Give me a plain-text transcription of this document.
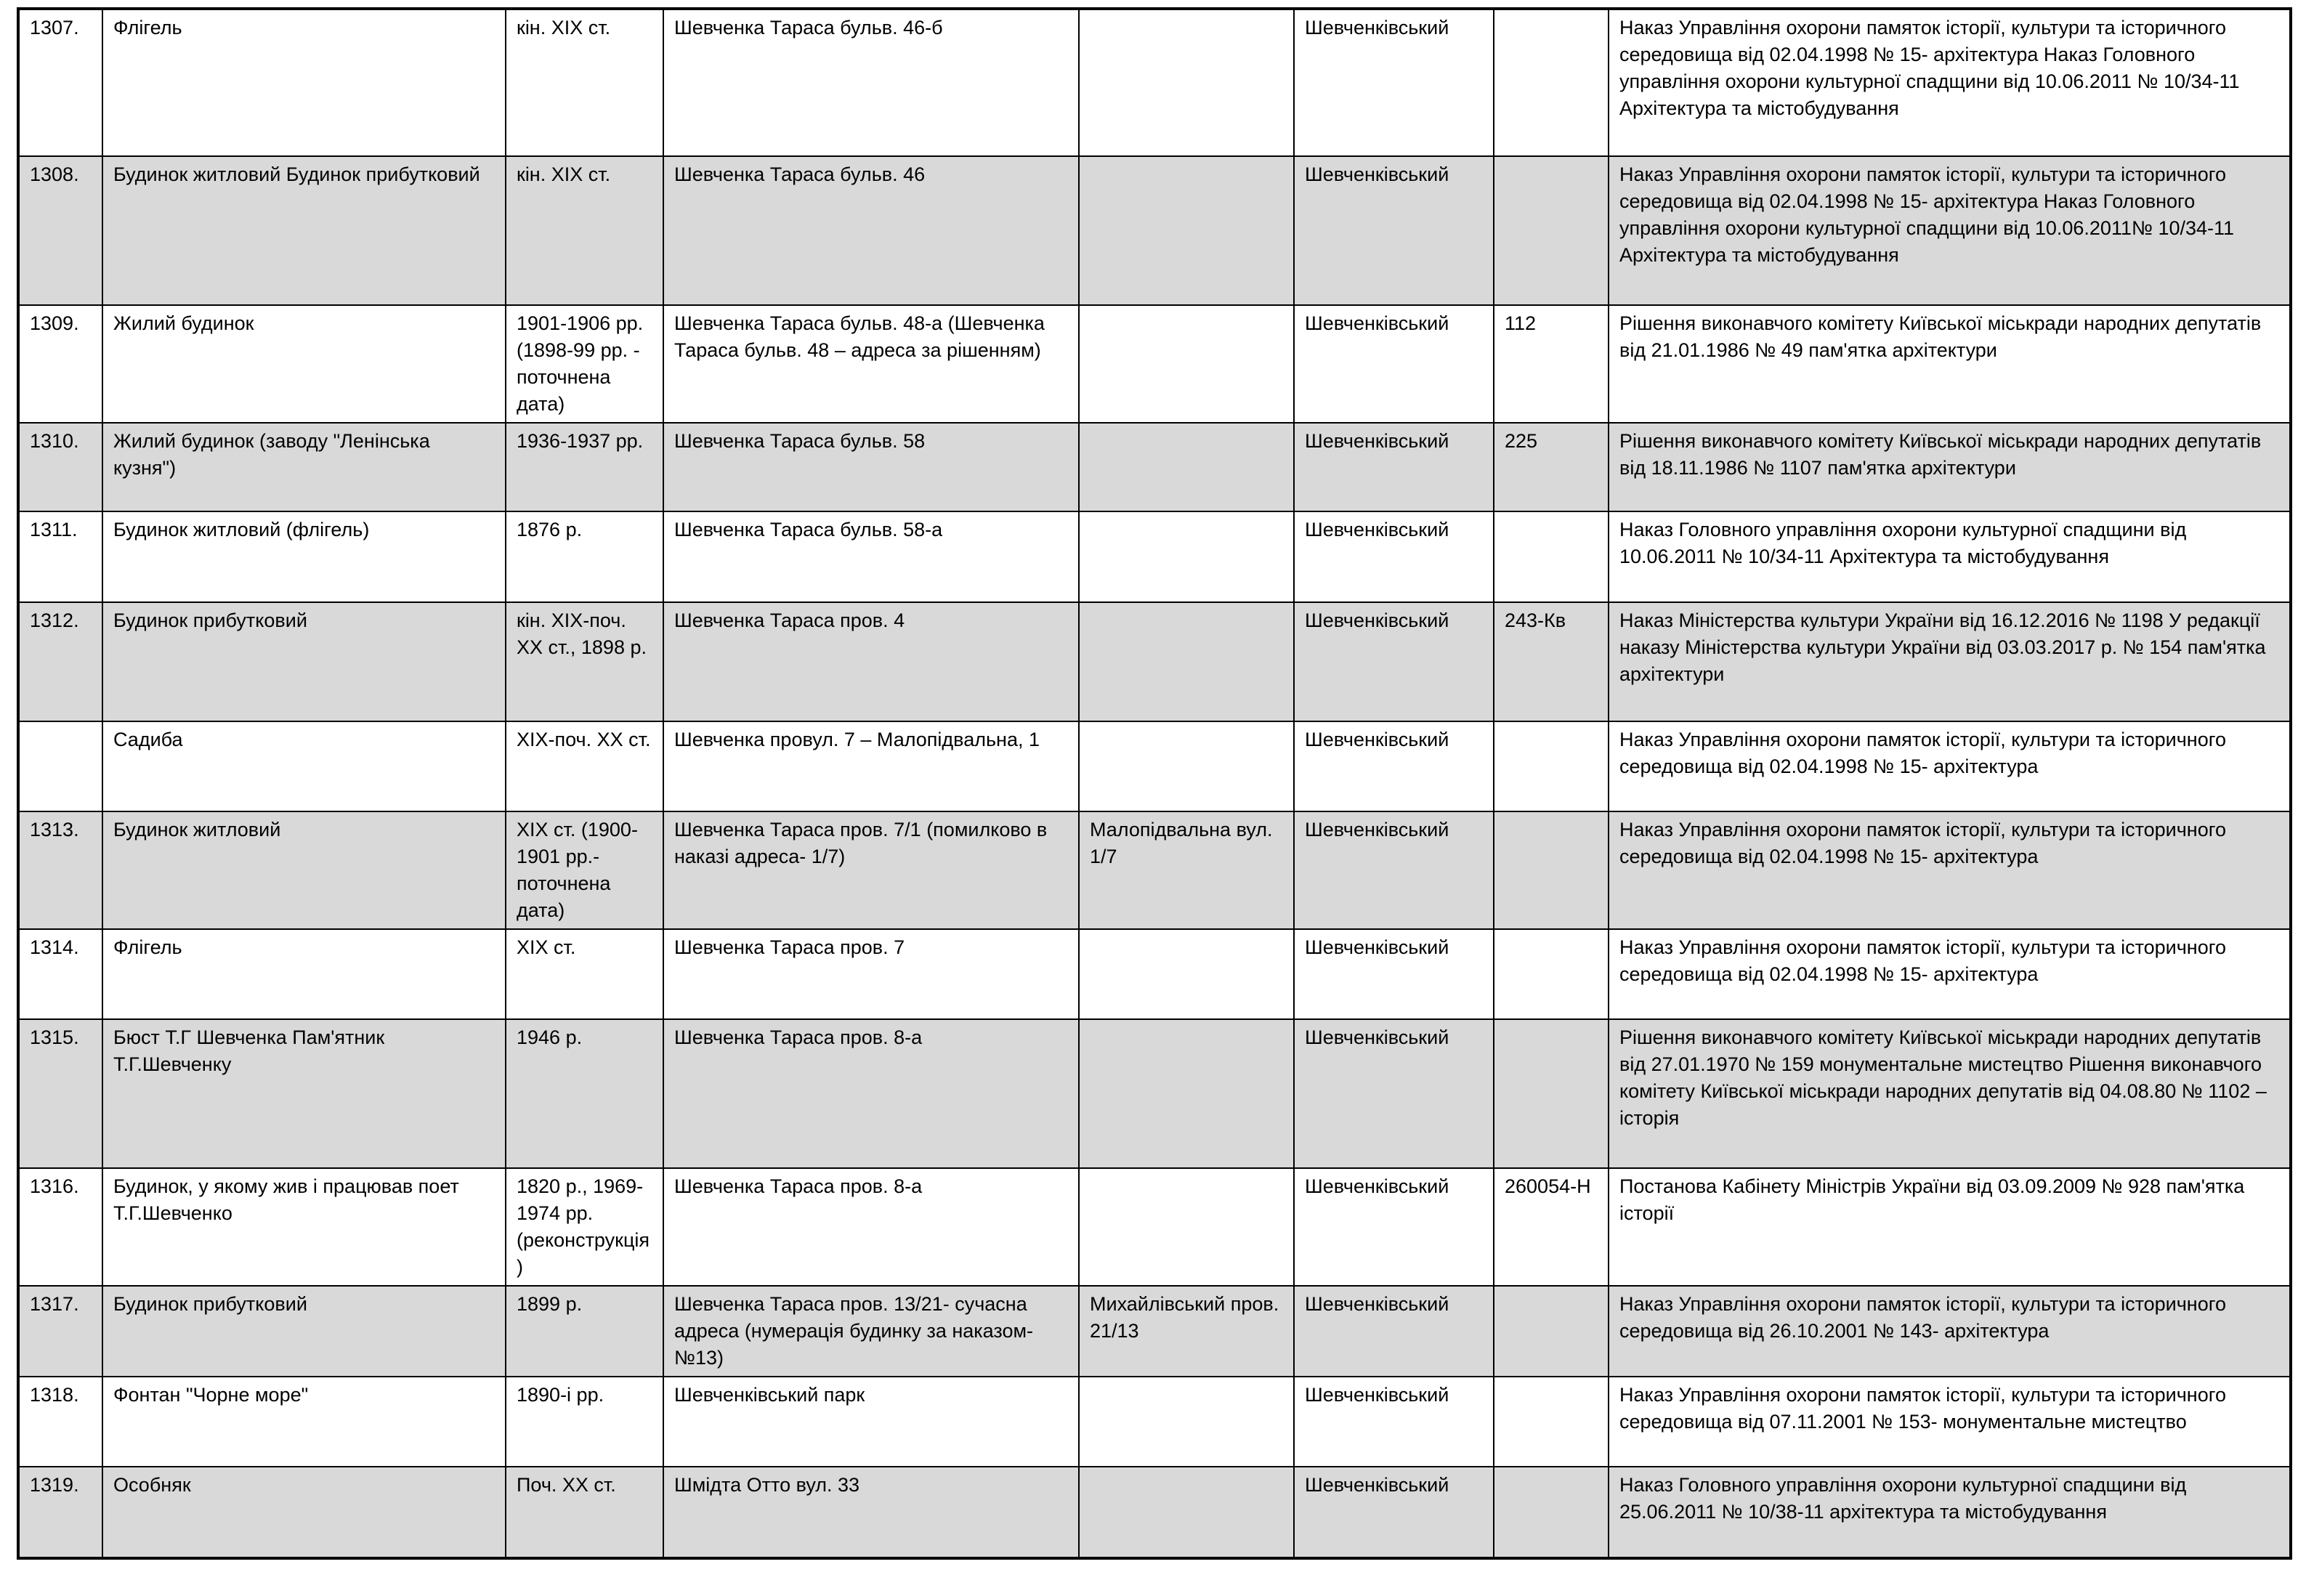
1307.	Флігель	кін. ХІХ ст.	Шевченка Тараса бульв. 46-б		Шевченківський		Наказ Управління охорони памяток історії, культури та історичного середовища від 02.04.1998 № 15- архітектура Наказ Головного управління охорони культурної спадщини від 10.06.2011 № 10/34-11 Архітектура та містобудування
1308.	Будинок житловий Будинок прибутковий	кін. ХІХ ст.	Шевченка Тараса бульв. 46		Шевченківський		Наказ Управління охорони памяток історії, культури та історичного середовища від 02.04.1998 № 15- архітектура Наказ Головного управління охорони культурної спадщини від 10.06.2011№ 10/34-11 Архітектура та містобудування
1309.	Жилий будинок	1901-1906 рр. (1898-99 рр. - поточнена дата)	Шевченка Тараса бульв. 48-а (Шевченка Тараса бульв. 48 – адреса за рішенням)		Шевченківський	112	Рішення виконавчого комітету Київської міськради народних депутатів від 21.01.1986 № 49 пам'ятка архітектури
1310.	Жилий будинок (заводу "Ленінська кузня")	1936-1937 рр.	Шевченка Тараса бульв. 58		Шевченківський	225	Рішення виконавчого комітету Київської міськради народних депутатів від 18.11.1986 № 1107 пам'ятка архітектури
1311.	Будинок житловий (флігель)	1876 р.	Шевченка Тараса бульв. 58-а		Шевченківський		Наказ Головного управління охорони культурної спадщини від 10.06.2011 № 10/34-11 Архітектура та містобудування
1312.	Будинок прибутковий	кін. ХІХ-поч. ХХ ст., 1898 р.	Шевченка Тараса пров. 4		Шевченківський	243-Кв	Наказ Міністерства культури України від 16.12.2016 № 1198 У редакції наказу Міністерства культури України від 03.03.2017 р. № 154 пам'ятка архітектури
	Садиба	ХІХ-поч. ХХ ст.	Шевченка провул. 7 – Малопідвальна, 1		Шевченківський		Наказ Управління охорони памяток історії, культури та історичного середовища від 02.04.1998 № 15- архітектура
1313.	Будинок житловий	ХІХ ст. (1900-1901 рр.- поточнена дата)	Шевченка Тараса пров. 7/1 (помилково в наказі адреса- 1/7)	Малопідвальна вул. 1/7	Шевченківський		Наказ Управління охорони памяток історії, культури та історичного середовища від 02.04.1998 № 15- архітектура
1314.	Флігель	ХІХ ст.	Шевченка Тараса пров. 7		Шевченківський		Наказ Управління охорони памяток історії, культури та історичного середовища від 02.04.1998 № 15- архітектура
1315.	Бюст Т.Г Шевченка Пам'ятник Т.Г.Шевченку	1946 р.	Шевченка Тараса пров. 8-а		Шевченківський		Рішення виконавчого комітету Київської міськради народних депутатів від 27.01.1970 № 159 монументальне мистецтво Рішення виконавчого комітету Київської міськради народних депутатів від 04.08.80 № 1102 – історія
1316.	Будинок, у якому жив і працював поет Т.Г.Шевченко	1820 р., 1969-1974 рр. (реконструкція)	Шевченка Тараса пров. 8-а		Шевченківський	260054-Н	Постанова Кабінету Міністрів України від 03.09.2009 № 928 пам'ятка історії
1317.	Будинок прибутковий	1899 р.	Шевченка Тараса пров. 13/21- сучасна адреса (нумерація будинку за наказом-№13)	Михайлівський пров. 21/13	Шевченківський		Наказ Управління охорони памяток історії, культури та історичного середовища від 26.10.2001 № 143- архітектура
1318.	Фонтан "Чорне море"	1890-і рр.	Шевченківський парк		Шевченківський		Наказ Управління охорони памяток історії, культури та історичного середовища від 07.11.2001 № 153- монументальне мистецтво
1319.	Особняк	Поч. ХХ ст.	Шмідта Отто вул. 33		Шевченківський		Наказ Головного управління охорони культурної спадщини від 25.06.2011 № 10/38-11 архітектура та містобудування
